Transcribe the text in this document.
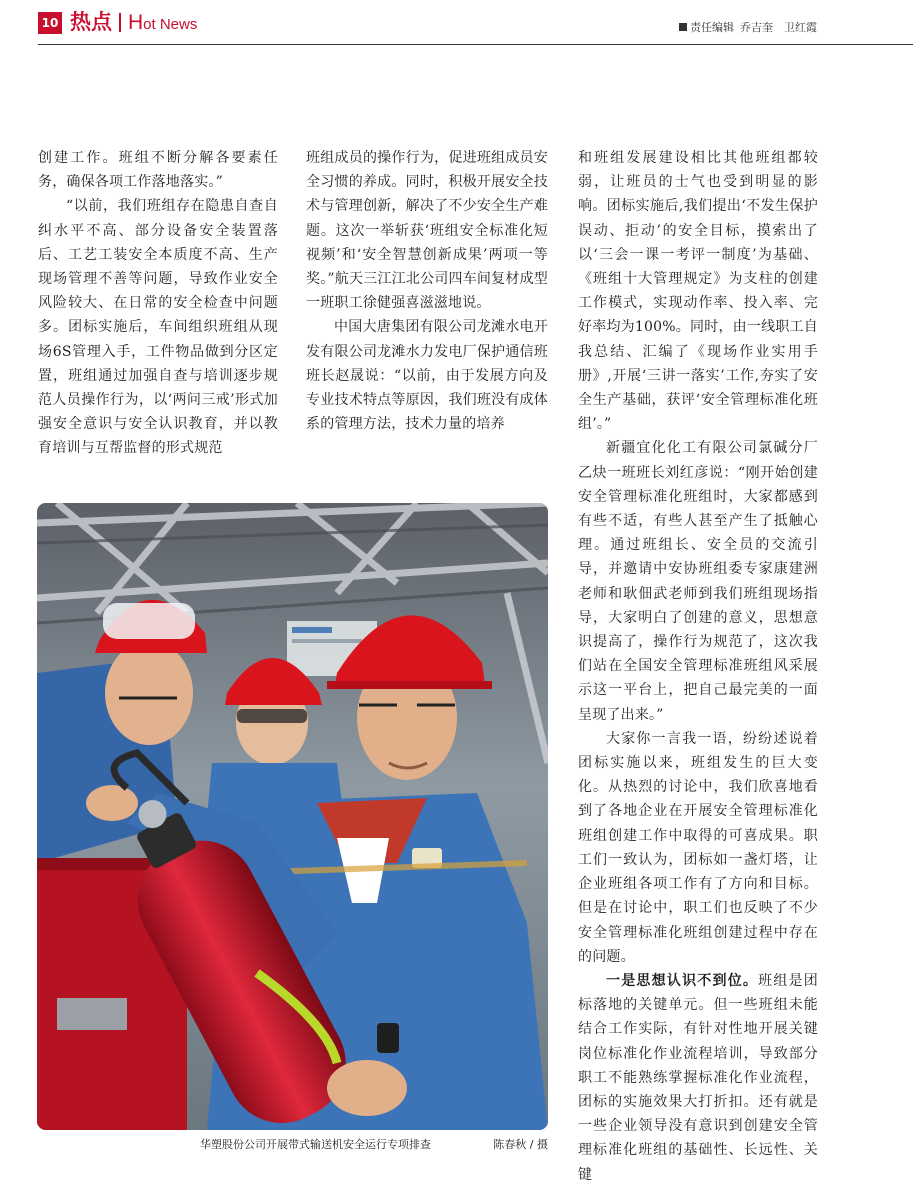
10 热点 Hot News	责任编辑 乔吉奎　卫红霞

创建工作。班组不断分解各要素任务，确保各项工作落地落实。”

“以前，我们班组存在隐患自查自纠水平不高、部分设备安全装置落后、工艺工装安全本质度不高、生产现场管理不善等问题，导致作业安全风险较大、在日常的安全检查中问题多。团标实施后，车间组织班组从现场6S管理入手，工件物品做到分区定置，班组通过加强自查与培训逐步规范人员操作行为，以‘两问三戒’形式加强安全意识与安全认识教育，并以教育培训与互帮监督的形式规范

班组成员的操作行为，促进班组成员安全习惯的养成。同时，积极开展安全技术与管理创新，解决了不少安全生产难题。这次一举斩获‘班组安全标准化短视频’和‘安全智慧创新成果’两项一等奖。”航天三江江北公司四车间复材成型一班职工徐健强喜滋滋地说。

中国大唐集团有限公司龙滩水电开发有限公司龙滩水力发电厂保护通信班班长赵晟说：“以前，由于发展方向及专业技术特点等原因，我们班没有成体系的管理方法，技术力量的培养

和班组发展建设相比其他班组都较弱，让班员的士气也受到明显的影响。团标实施后,我们提出‘不发生保护误动、拒动’的安全目标，摸索出了以‘三会一课一考评一制度’为基础、《班组十大管理规定》为支柱的创建工作模式，实现动作率、投入率、完好率均为100%。同时，由一线职工自我总结、汇编了《现场作业实用手册》,开展‘三讲一落实’工作,夯实了安全生产基础，获评‘安全管理标准化班组’。”

新疆宜化化工有限公司氯碱分厂乙炔一班班长刘红彦说：“刚开始创建安全管理标准化班组时，大家都感到有些不适，有些人甚至产生了抵触心理。通过班组长、安全员的交流引导，并邀请中安协班组委专家康建洲老师和耿佃武老师到我们班组现场指导，大家明白了创建的意义，思想意识提高了，操作行为规范了，这次我们站在全国安全管理标准班组风采展示这一平台上，把自己最完美的一面呈现了出来。”

大家你一言我一语，纷纷述说着团标实施以来，班组发生的巨大变化。从热烈的讨论中，我们欣喜地看到了各地企业在开展安全管理标准化班组创建工作中取得的可喜成果。职工们一致认为，团标如一盏灯塔，让企业班组各项工作有了方向和目标。但是在讨论中，职工们也反映了不少安全管理标准化班组创建过程中存在的问题。

一是思想认识不到位。班组是团标落地的关键单元。但一些班组未能结合工作实际，有针对性地开展关键岗位标准化作业流程培训，导致部分职工不能熟练掌握标准化作业流程，团标的实施效果大打折扣。还有就是一些企业领导没有意识到创建安全管理标准化班组的基础性、长远性、关键

华塑股份公司开展带式输送机安全运行专项排查	陈春秋 / 摄
